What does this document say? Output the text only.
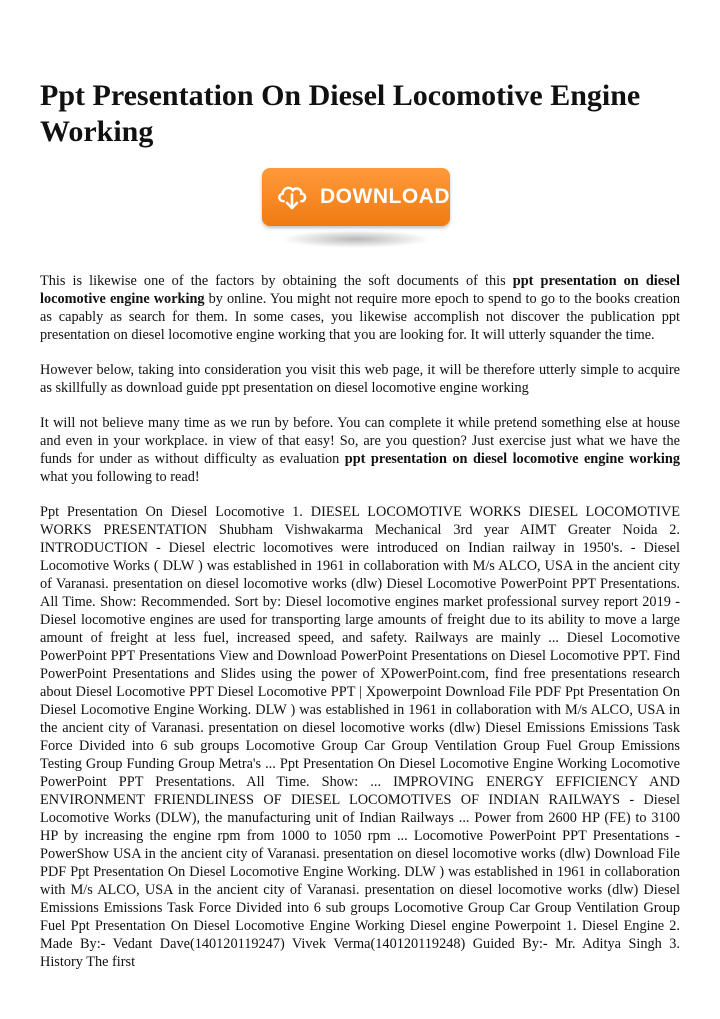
Ppt Presentation On Diesel Locomotive Engine Working
DOWNLOAD

This is likewise one of the factors by obtaining the soft documents of this ppt presentation on diesel locomotive engine working by online. You might not require more epoch to spend to go to the books creation as capably as search for them. In some cases, you likewise accomplish not discover the publication ppt presentation on diesel locomotive engine working that you are looking for. It will utterly squander the time.

However below, taking into consideration you visit this web page, it will be therefore utterly simple to acquire as skillfully as download guide ppt presentation on diesel locomotive engine working

It will not believe many time as we run by before. You can complete it while pretend something else at house and even in your workplace. in view of that easy! So, are you question? Just exercise just what we have the funds for under as without difficulty as evaluation ppt presentation on diesel locomotive engine working what you following to read!

Ppt Presentation On Diesel Locomotive 1. DIESEL LOCOMOTIVE WORKS DIESEL LOCOMOTIVE WORKS PRESENTATION Shubham Vishwakarma Mechanical 3rd year AIMT Greater Noida 2. INTRODUCTION - Diesel electric locomotives were introduced on Indian railway in 1950's. - Diesel Locomotive Works ( DLW ) was established in 1961 in collaboration with M/s ALCO, USA in the ancient city of Varanasi. presentation on diesel locomotive works (dlw) Diesel Locomotive PowerPoint PPT Presentations. All Time. Show: Recommended. Sort by: Diesel locomotive engines market professional survey report 2019 - Diesel locomotive engines are used for transporting large amounts of freight due to its ability to move a large amount of freight at less fuel, increased speed, and safety. Railways are mainly ... Diesel Locomotive PowerPoint PPT Presentations View and Download PowerPoint Presentations on Diesel Locomotive PPT. Find PowerPoint Presentations and Slides using the power of XPowerPoint.com, find free presentations research about Diesel Locomotive PPT Diesel Locomotive PPT | Xpowerpoint Download File PDF Ppt Presentation On Diesel Locomotive Engine Working. DLW ) was established in 1961 in collaboration with M/s ALCO, USA in the ancient city of Varanasi. presentation on diesel locomotive works (dlw) Diesel Emissions Emissions Task Force Divided into 6 sub groups Locomotive Group Car Group Ventilation Group Fuel Group Emissions Testing Group Funding Group Metra's ... Ppt Presentation On Diesel Locomotive Engine Working Locomotive PowerPoint PPT Presentations. All Time. Show: ... IMPROVING ENERGY EFFICIENCY AND ENVIRONMENT FRIENDLINESS OF DIESEL LOCOMOTIVES OF INDIAN RAILWAYS - Diesel Locomotive Works (DLW), the manufacturing unit of Indian Railways ... Power from 2600 HP (FE) to 3100 HP by increasing the engine rpm from 1000 to 1050 rpm ... Locomotive PowerPoint PPT Presentations - PowerShow USA in the ancient city of Varanasi. presentation on diesel locomotive works (dlw) Download File PDF Ppt Presentation On Diesel Locomotive Engine Working. DLW ) was established in 1961 in collaboration with M/s ALCO, USA in the ancient city of Varanasi. presentation on diesel locomotive works (dlw) Diesel Emissions Emissions Task Force Divided into 6 sub groups Locomotive Group Car Group Ventilation Group Fuel Ppt Presentation On Diesel Locomotive Engine Working Diesel engine Powerpoint 1. Diesel Engine 2. Made By:- Vedant Dave(140120119247) Vivek Verma(140120119248) Guided By:- Mr. Aditya Singh 3. History The first
